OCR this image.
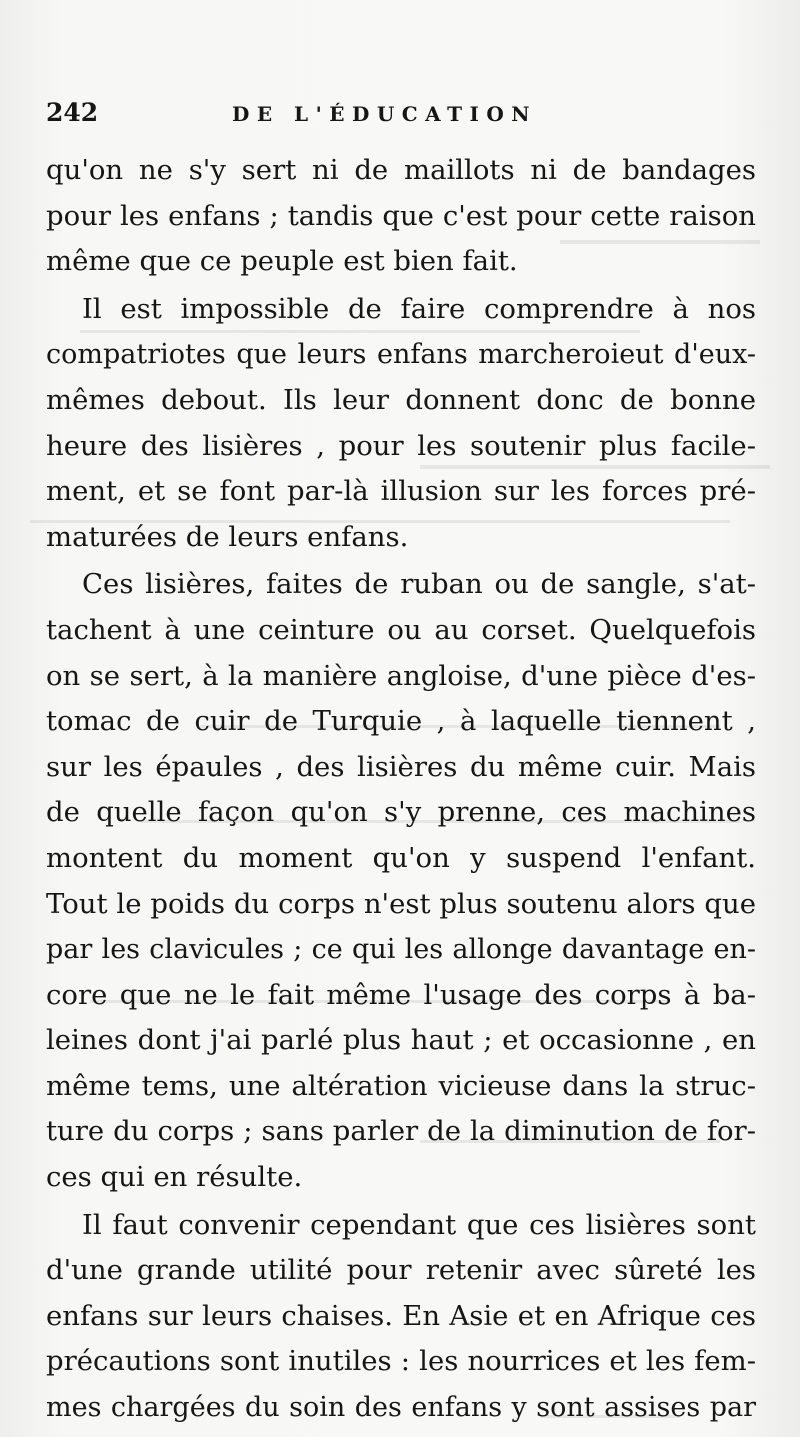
242	DE L'ÉDUCATION
qu'on ne s'y sert ni de maillots ni de bandages
pour les enfans ; tandis que c'est pour cette raison
même que ce peuple est bien fait.
Il est impossible de faire comprendre à nos
compatriotes que leurs enfans marcheroieut d'eux-
mêmes debout. Ils leur donnent donc de bonne
heure des lisières , pour les soutenir plus facile-
ment, et se font par-là illusion sur les forces pré-
maturées de leurs enfans.
Ces lisières, faites de ruban ou de sangle, s'at-
tachent à une ceinture ou au corset. Quelquefois
on se sert, à la manière angloise, d'une pièce d'es-
tomac de cuir de Turquie , à laquelle tiennent ,
sur les épaules , des lisières du même cuir. Mais
de quelle façon qu'on s'y prenne, ces machines
montent du moment qu'on y suspend l'enfant.
Tout le poids du corps n'est plus soutenu alors que
par les clavicules ; ce qui les allonge davantage en-
core que ne le fait même l'usage des corps à ba-
leines dont j'ai parlé plus haut ; et occasionne , en
même tems, une altération vicieuse dans la struc-
ture du corps ; sans parler de la diminution de for-
ces qui en résulte.
Il faut convenir cependant que ces lisières sont
d'une grande utilité pour retenir avec sûreté les
enfans sur leurs chaises. En Asie et en Afrique ces
précautions sont inutiles : les nourrices et les fem-
mes chargées du soin des enfans y sont assises par
